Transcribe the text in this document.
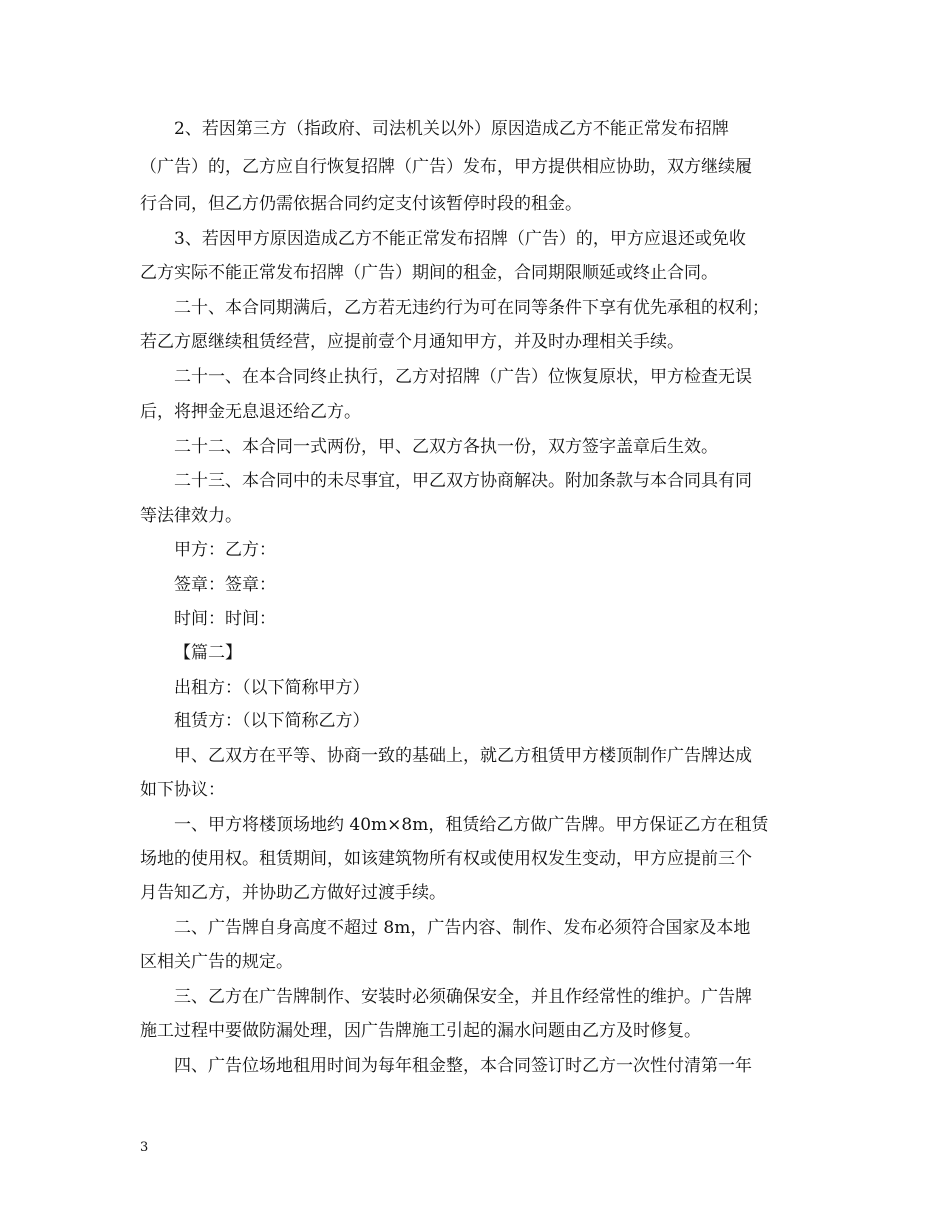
2、若因第三方（指政府、司法机关以外）原因造成乙方不能正常发布招牌
（广告）的，乙方应自行恢复招牌（广告）发布，甲方提供相应协助，双方继续履
行合同，但乙方仍需依据合同约定支付该暂停时段的租金。
3、若因甲方原因造成乙方不能正常发布招牌（广告）的，甲方应退还或免收
乙方实际不能正常发布招牌（广告）期间的租金，合同期限顺延或终止合同。
二十、本合同期满后，乙方若无违约行为可在同等条件下享有优先承租的权利；
若乙方愿继续租赁经营，应提前壹个月通知甲方，并及时办理相关手续。
二十一、在本合同终止执行，乙方对招牌（广告）位恢复原状，甲方检查无误
后，将押金无息退还给乙方。
二十二、本合同一式两份，甲、乙双方各执一份，双方签字盖章后生效。
二十三、本合同中的未尽事宜，甲乙双方协商解决。附加条款与本合同具有同
等法律效力。
甲方：乙方：
签章：签章：
时间：时间：
【篇二】
出租方：（以下简称甲方）
租赁方：（以下简称乙方）
甲、乙双方在平等、协商一致的基础上，就乙方租赁甲方楼顶制作广告牌达成
如下协议：
一、甲方将楼顶场地约 40m×8m，租赁给乙方做广告牌。甲方保证乙方在租赁
场地的使用权。租赁期间，如该建筑物所有权或使用权发生变动，甲方应提前三个
月告知乙方，并协助乙方做好过渡手续。
二、广告牌自身高度不超过 8m，广告内容、制作、发布必须符合国家及本地
区相关广告的规定。
三、乙方在广告牌制作、安装时必须确保安全，并且作经常性的维护。广告牌
施工过程中要做防漏处理，因广告牌施工引起的漏水问题由乙方及时修复。
四、广告位场地租用时间为每年租金整，本合同签订时乙方一次性付清第一年
3
